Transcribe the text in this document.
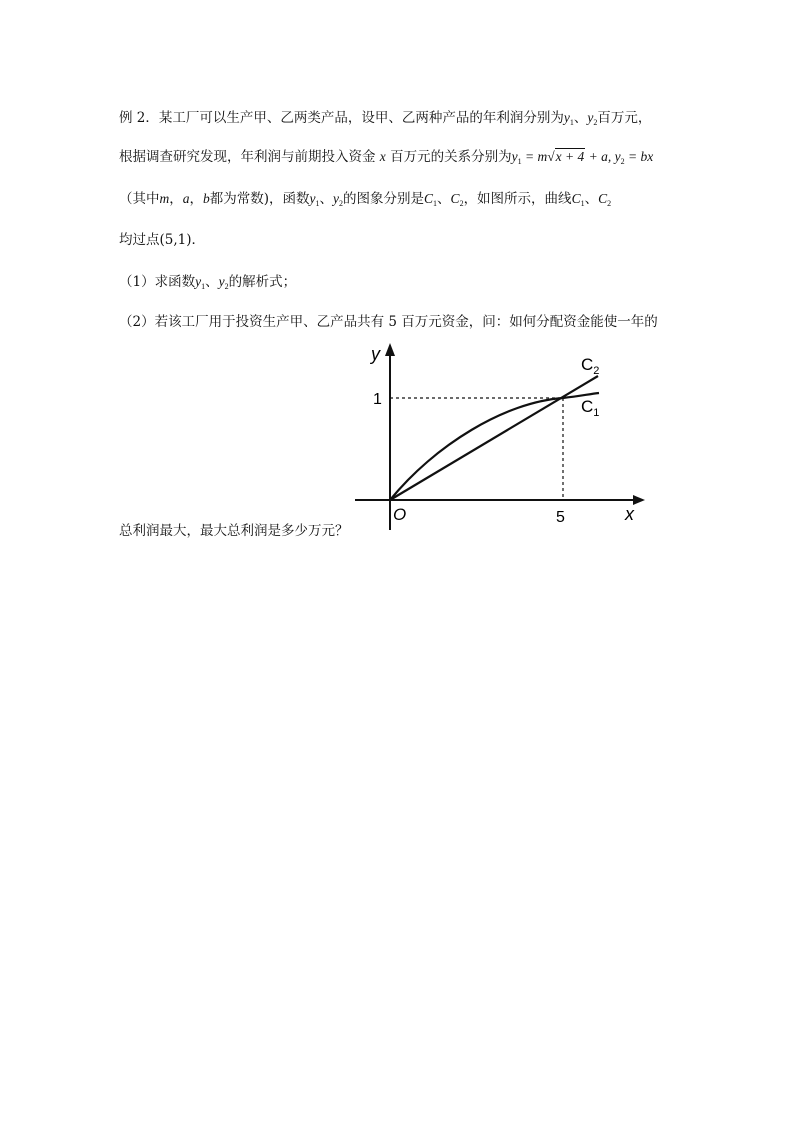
例 2．某工厂可以生产甲、乙两类产品，设甲、乙两种产品的年利润分别为$y_1$、$y_2$百万元，
根据调查研究发现，年利润与前期投入资金 x 百万元的关系分别为$y_1 = m√x + 4 + a$, $y_2$ = bx
（其中m，a，b都为常数)，函数$y_1$、$y_2$的图象分别是$C_1$、$C_2$，如图所示，曲线$C_1$、$C_2$
均过点(5,1)．
（1）求函数$y_1$、$y_2$的解析式；
（2）若该工厂用于投资生产甲、乙产品共有 5 百万元资金，问：如何分配资金能使一年的
y
x
O
1
5
$C_2$
$C_1$
总利润最大，最大总利润是多少万元？
